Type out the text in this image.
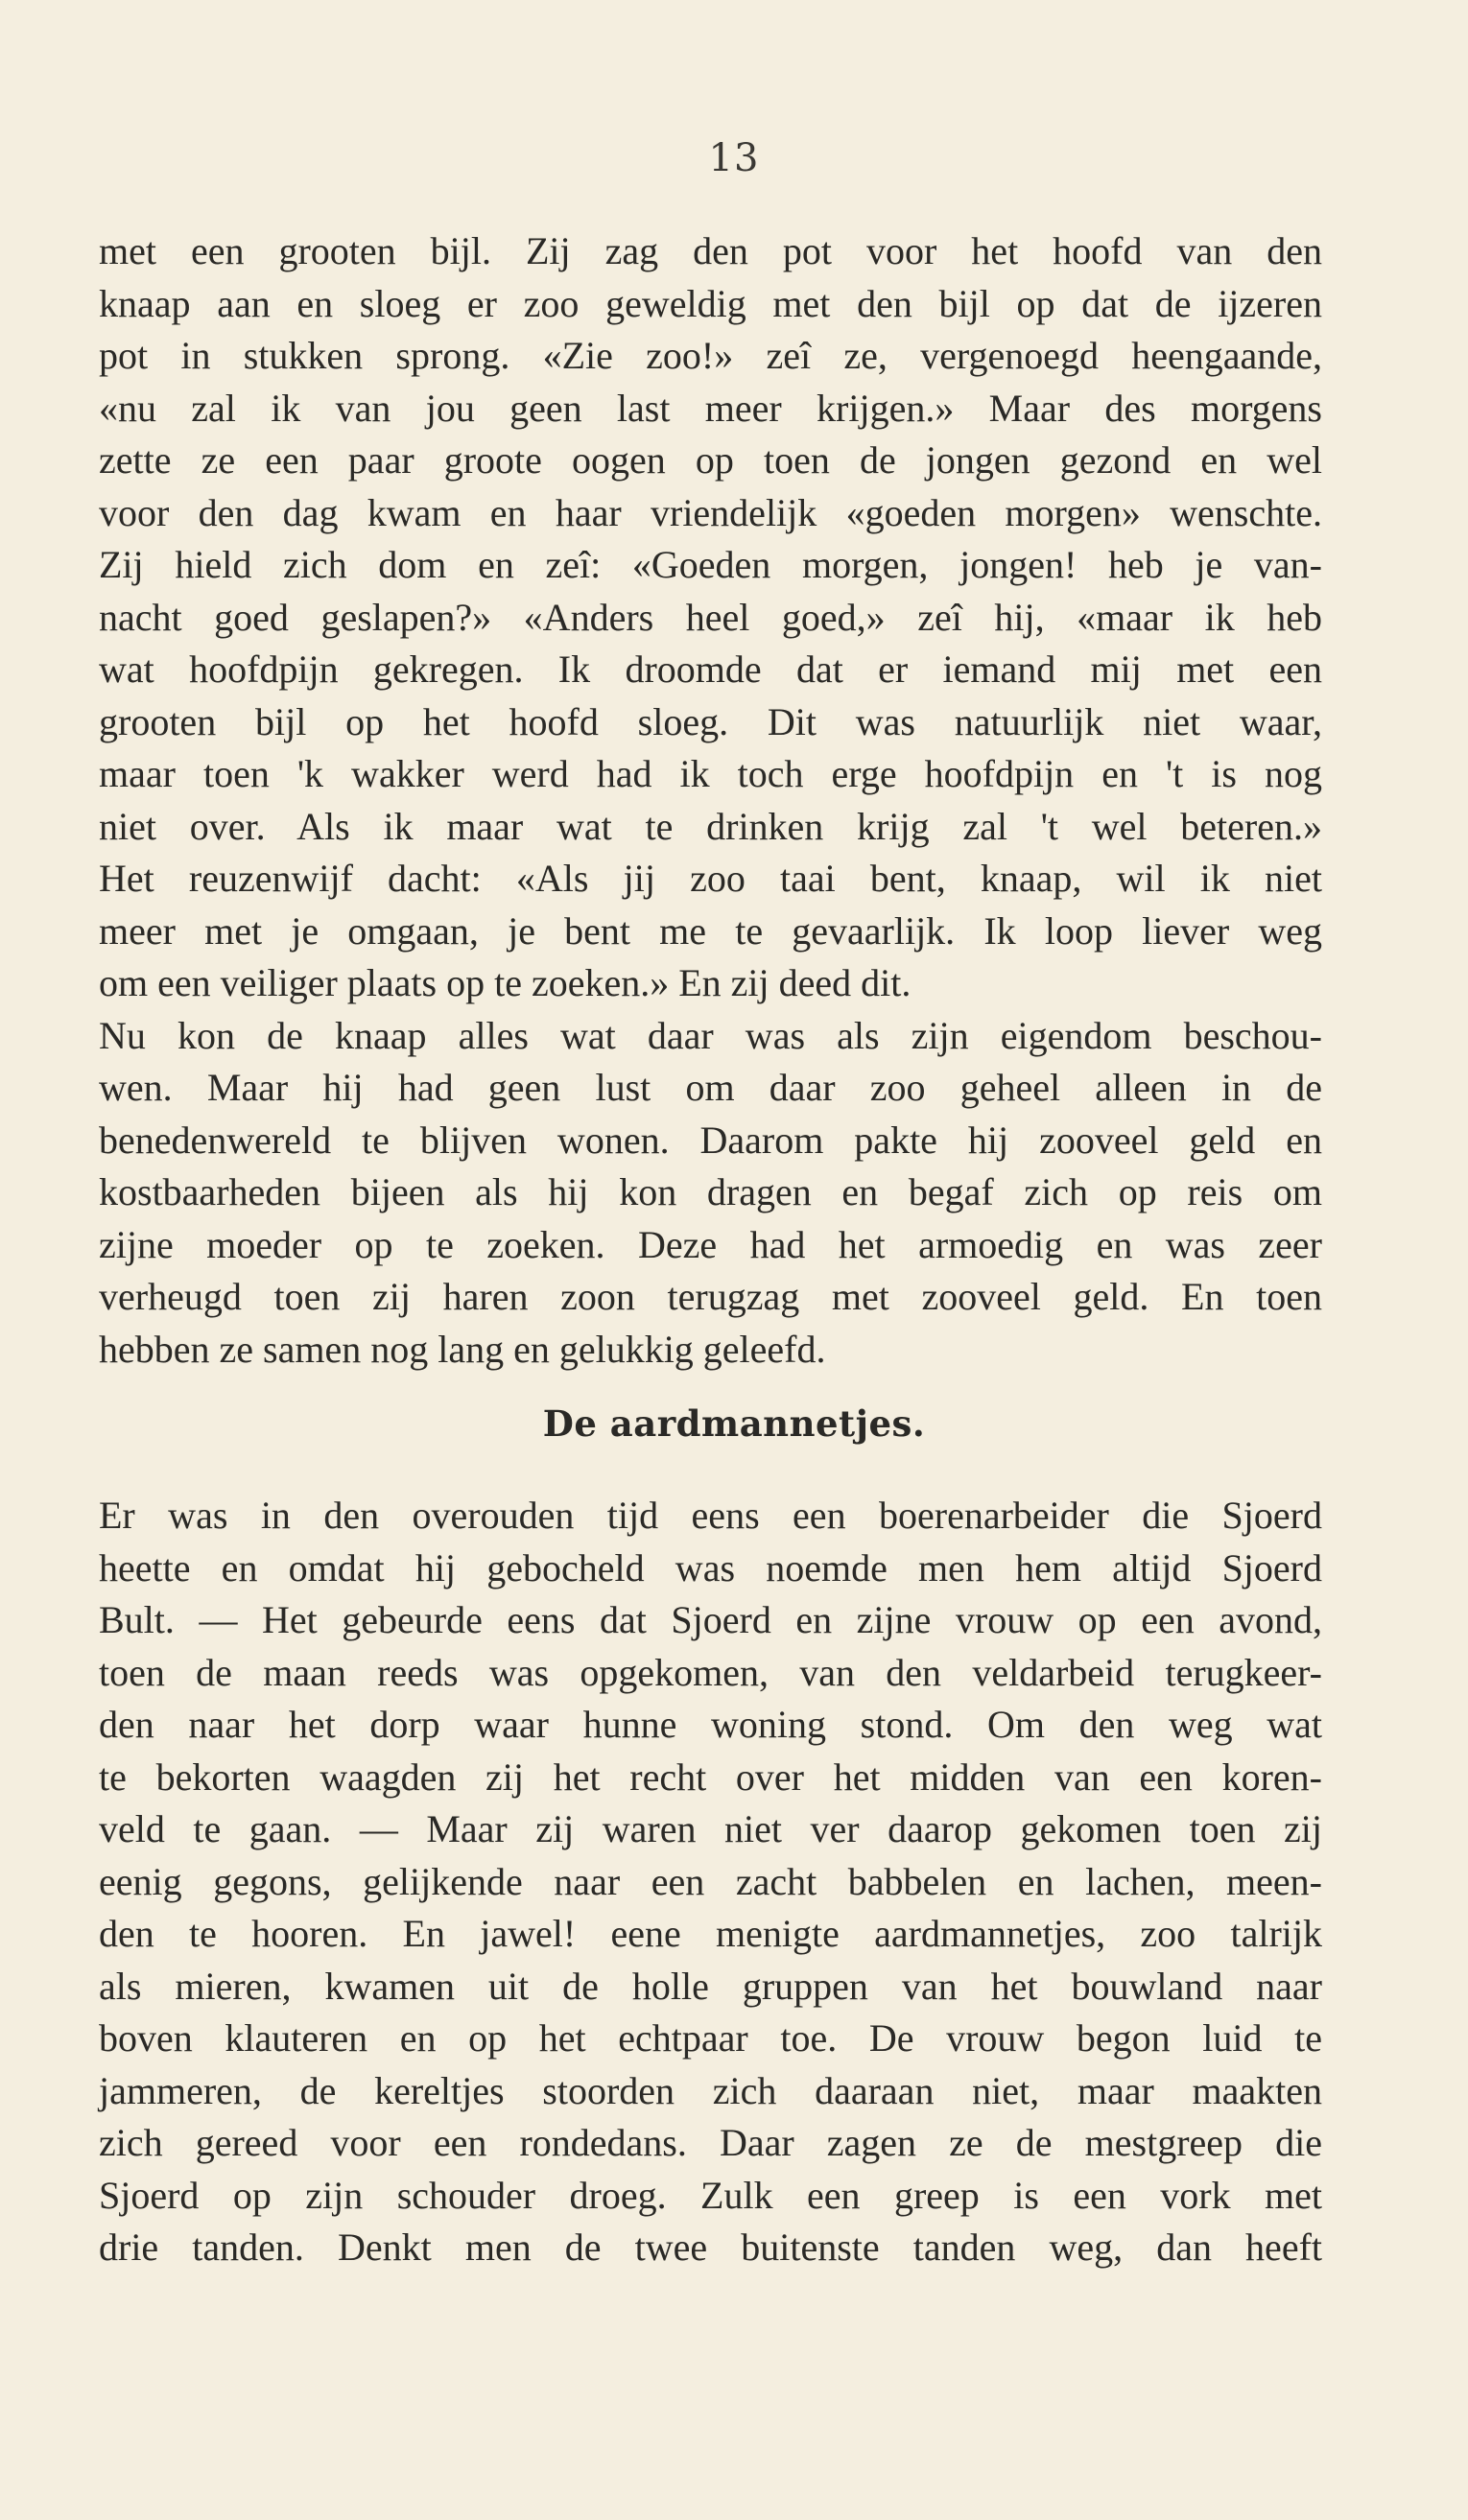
13
met een grooten bijl. Zij zag den pot voor het hoofd van den
knaap aan en sloeg er zoo geweldig met den bijl op dat de ijzeren
pot in stukken sprong. «Zie zoo!» zeî ze, vergenoegd heengaande,
«nu zal ik van jou geen last meer krijgen.» Maar des morgens
zette ze een paar groote oogen op toen de jongen gezond en wel
voor den dag kwam en haar vriendelijk «goeden morgen» wenschte.
Zij hield zich dom en zeî: «Goeden morgen, jongen! heb je van-
nacht goed geslapen?» «Anders heel goed,» zeî hij, «maar ik heb
wat hoofdpijn gekregen. Ik droomde dat er iemand mij met een
grooten bijl op het hoofd sloeg. Dit was natuurlijk niet waar,
maar toen 'k wakker werd had ik toch erge hoofdpijn en 't is nog
niet over. Als ik maar wat te drinken krijg zal 't wel beteren.»
Het reuzenwijf dacht: «Als jij zoo taai bent, knaap, wil ik niet
meer met je omgaan, je bent me te gevaarlijk. Ik loop liever weg
om een veiliger plaats op te zoeken.» En zij deed dit.
Nu kon de knaap alles wat daar was als zijn eigendom beschou-
wen. Maar hij had geen lust om daar zoo geheel alleen in de
benedenwereld te blijven wonen. Daarom pakte hij zooveel geld en
kostbaarheden bijeen als hij kon dragen en begaf zich op reis om
zijne moeder op te zoeken. Deze had het armoedig en was zeer
verheugd toen zij haren zoon terugzag met zooveel geld. En toen
hebben ze samen nog lang en gelukkig geleefd.
De aardmannetjes.
Er was in den overouden tijd eens een boerenarbeider die Sjoerd
heette en omdat hij gebocheld was noemde men hem altijd Sjoerd
Bult. — Het gebeurde eens dat Sjoerd en zijne vrouw op een avond,
toen de maan reeds was opgekomen, van den veldarbeid terugkeer-
den naar het dorp waar hunne woning stond. Om den weg wat
te bekorten waagden zij het recht over het midden van een koren-
veld te gaan. — Maar zij waren niet ver daarop gekomen toen zij
eenig gegons, gelijkende naar een zacht babbelen en lachen, meen-
den te hooren. En jawel! eene menigte aardmannetjes, zoo talrijk
als mieren, kwamen uit de holle gruppen van het bouwland naar
boven klauteren en op het echtpaar toe. De vrouw begon luid te
jammeren, de kereltjes stoorden zich daaraan niet, maar maakten
zich gereed voor een rondedans. Daar zagen ze de mestgreep die
Sjoerd op zijn schouder droeg. Zulk een greep is een vork met
drie tanden. Denkt men de twee buitenste tanden weg, dan heeft
